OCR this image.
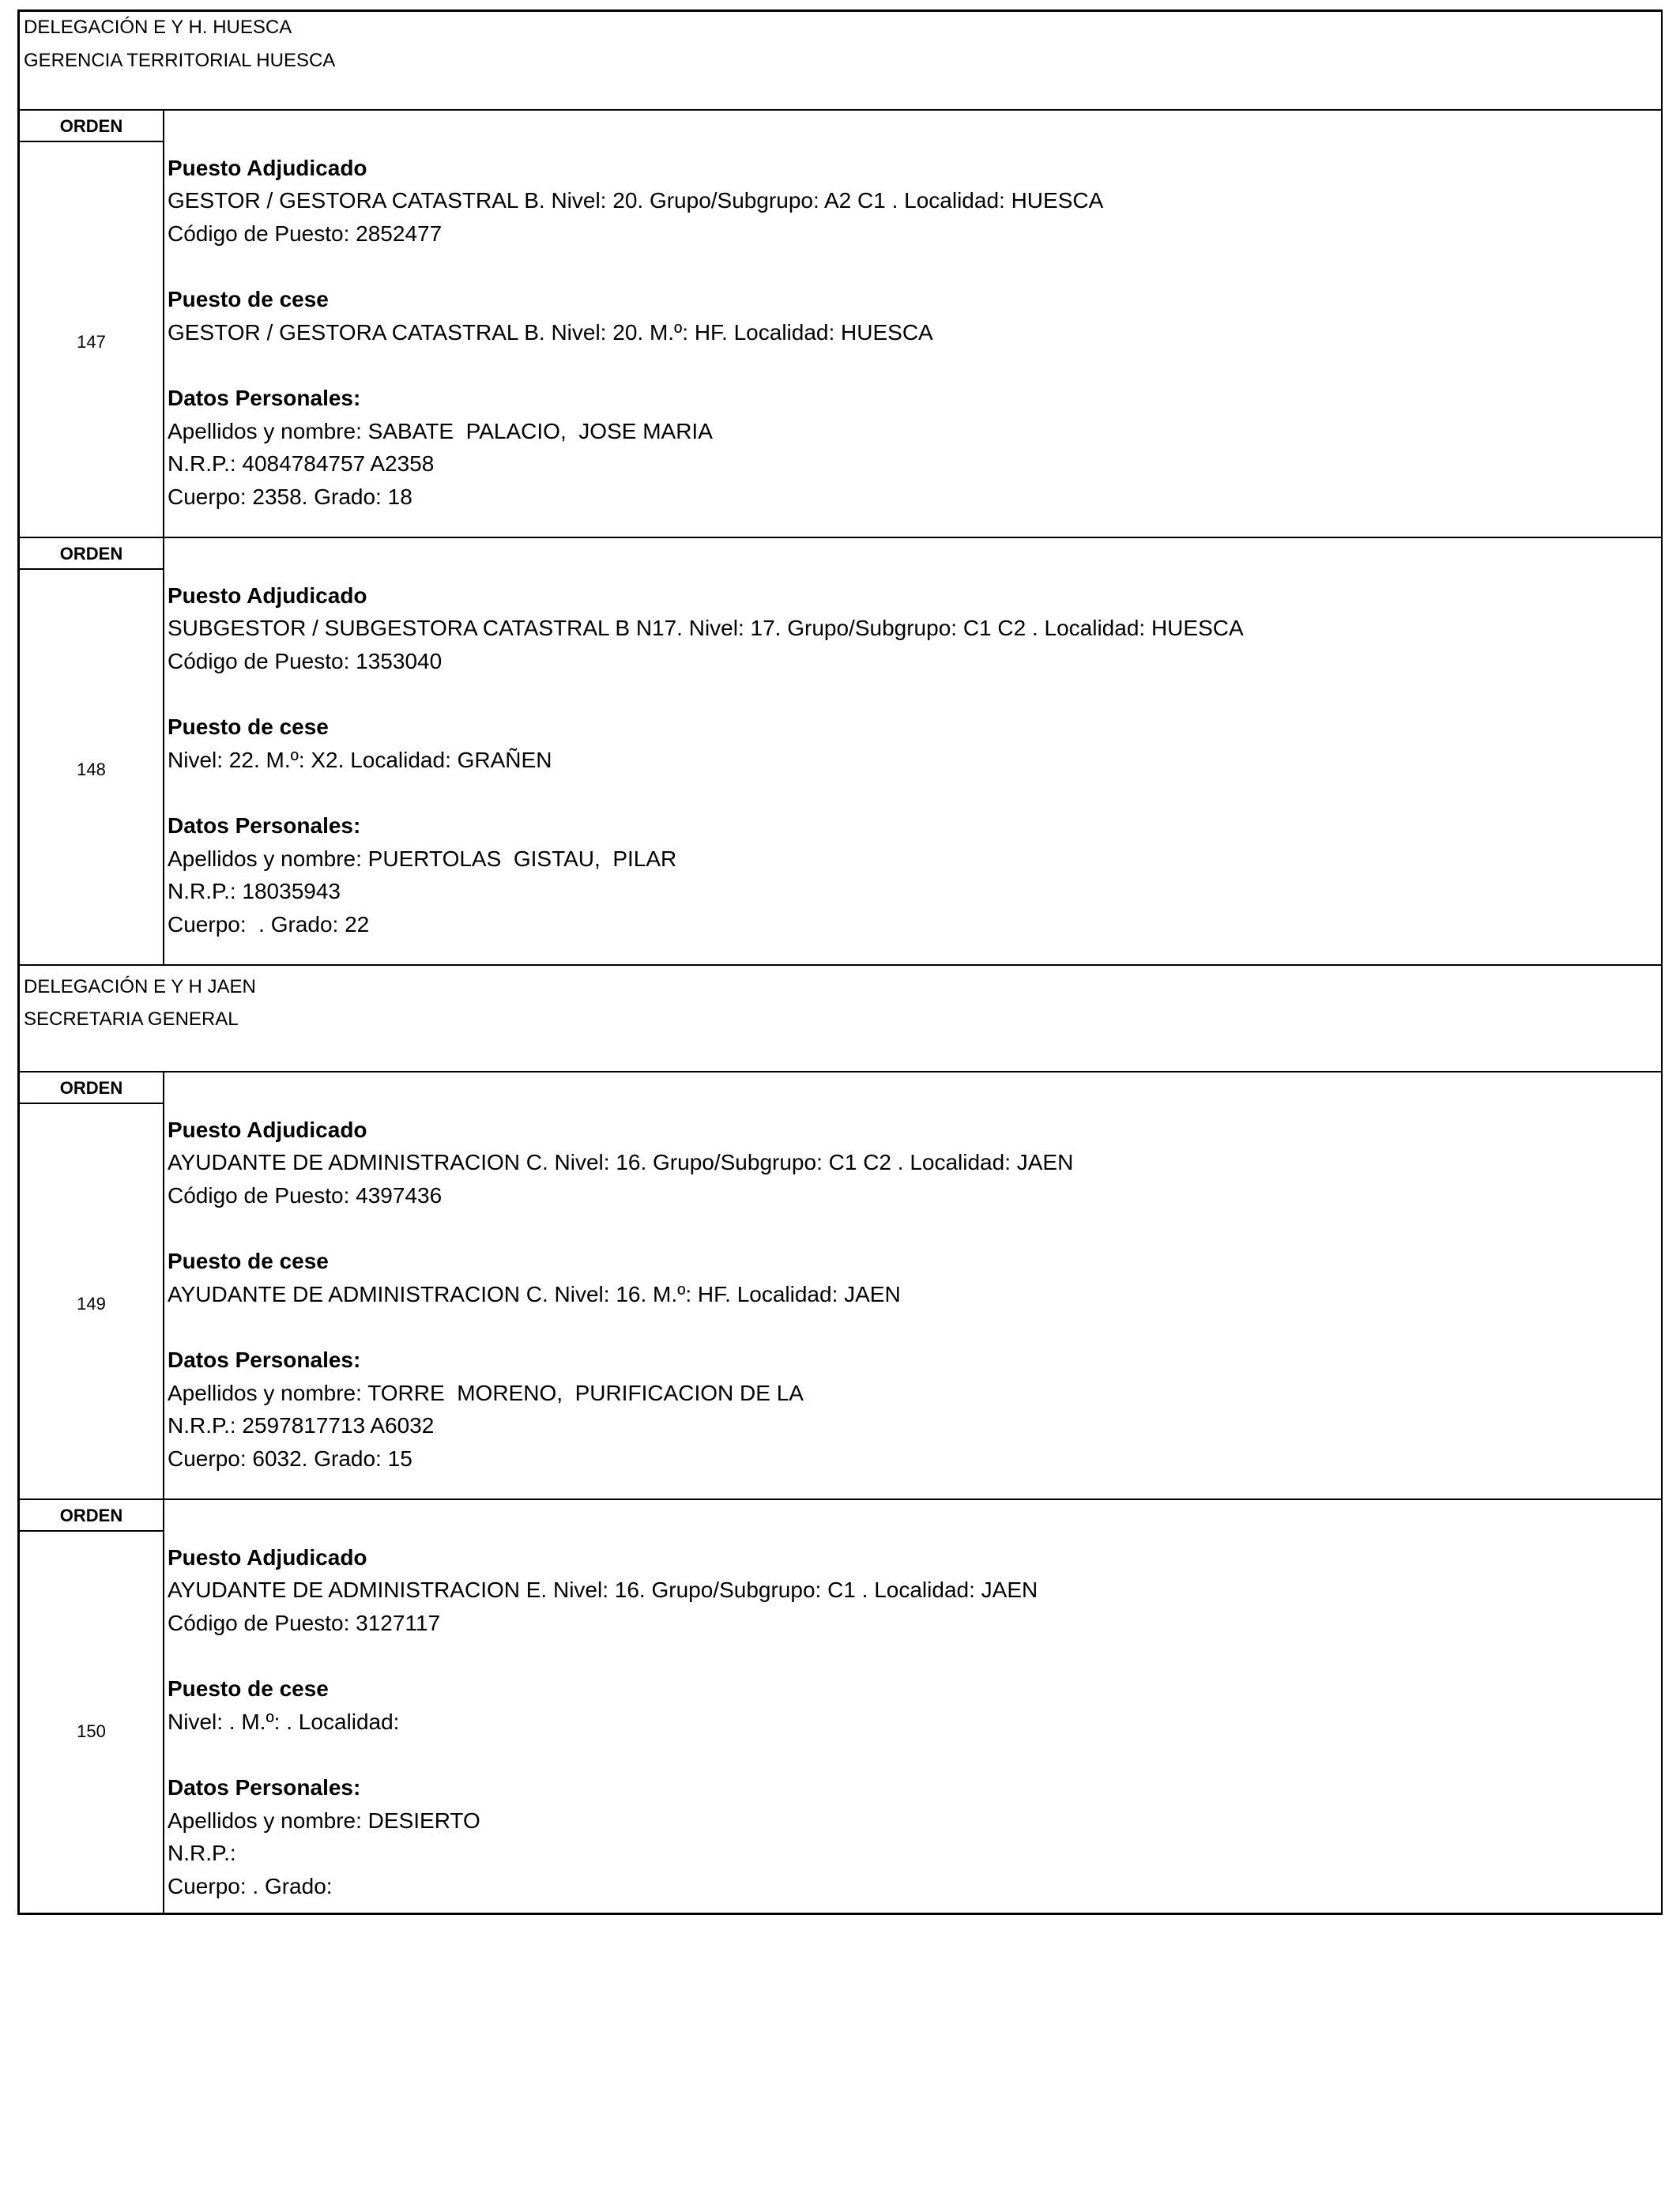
DELEGACIÓN E Y H. HUESCA
GERENCIA TERRITORIAL HUESCA
ORDEN
147
Puesto Adjudicado
GESTOR / GESTORA CATASTRAL B. Nivel: 20. Grupo/Subgrupo: A2 C1 . Localidad: HUESCA
Código de Puesto: 2852477
Puesto de cese
GESTOR / GESTORA CATASTRAL B. Nivel: 20. M.º: HF. Localidad: HUESCA
Datos Personales:
Apellidos y nombre: SABATE  PALACIO,  JOSE MARIA
N.R.P.: 4084784757 A2358
Cuerpo: 2358. Grado: 18
ORDEN
148
Puesto Adjudicado
SUBGESTOR / SUBGESTORA CATASTRAL B N17. Nivel: 17. Grupo/Subgrupo: C1 C2 . Localidad: HUESCA
Código de Puesto: 1353040
Puesto de cese
Nivel: 22. M.º: X2. Localidad: GRAÑEN
Datos Personales:
Apellidos y nombre: PUERTOLAS  GISTAU,  PILAR
N.R.P.: 18035943
Cuerpo:  . Grado: 22
DELEGACIÓN E Y H JAEN
SECRETARIA GENERAL
ORDEN
149
Puesto Adjudicado
AYUDANTE DE ADMINISTRACION C. Nivel: 16. Grupo/Subgrupo: C1 C2 . Localidad: JAEN
Código de Puesto: 4397436
Puesto de cese
AYUDANTE DE ADMINISTRACION C. Nivel: 16. M.º: HF. Localidad: JAEN
Datos Personales:
Apellidos y nombre: TORRE  MORENO,  PURIFICACION DE LA
N.R.P.: 2597817713 A6032
Cuerpo: 6032. Grado: 15
ORDEN
150
Puesto Adjudicado
AYUDANTE DE ADMINISTRACION E. Nivel: 16. Grupo/Subgrupo: C1 . Localidad: JAEN
Código de Puesto: 3127117
Puesto de cese
Nivel: . M.º: . Localidad:
Datos Personales:
Apellidos y nombre: DESIERTO
N.R.P.:
Cuerpo: . Grado:
